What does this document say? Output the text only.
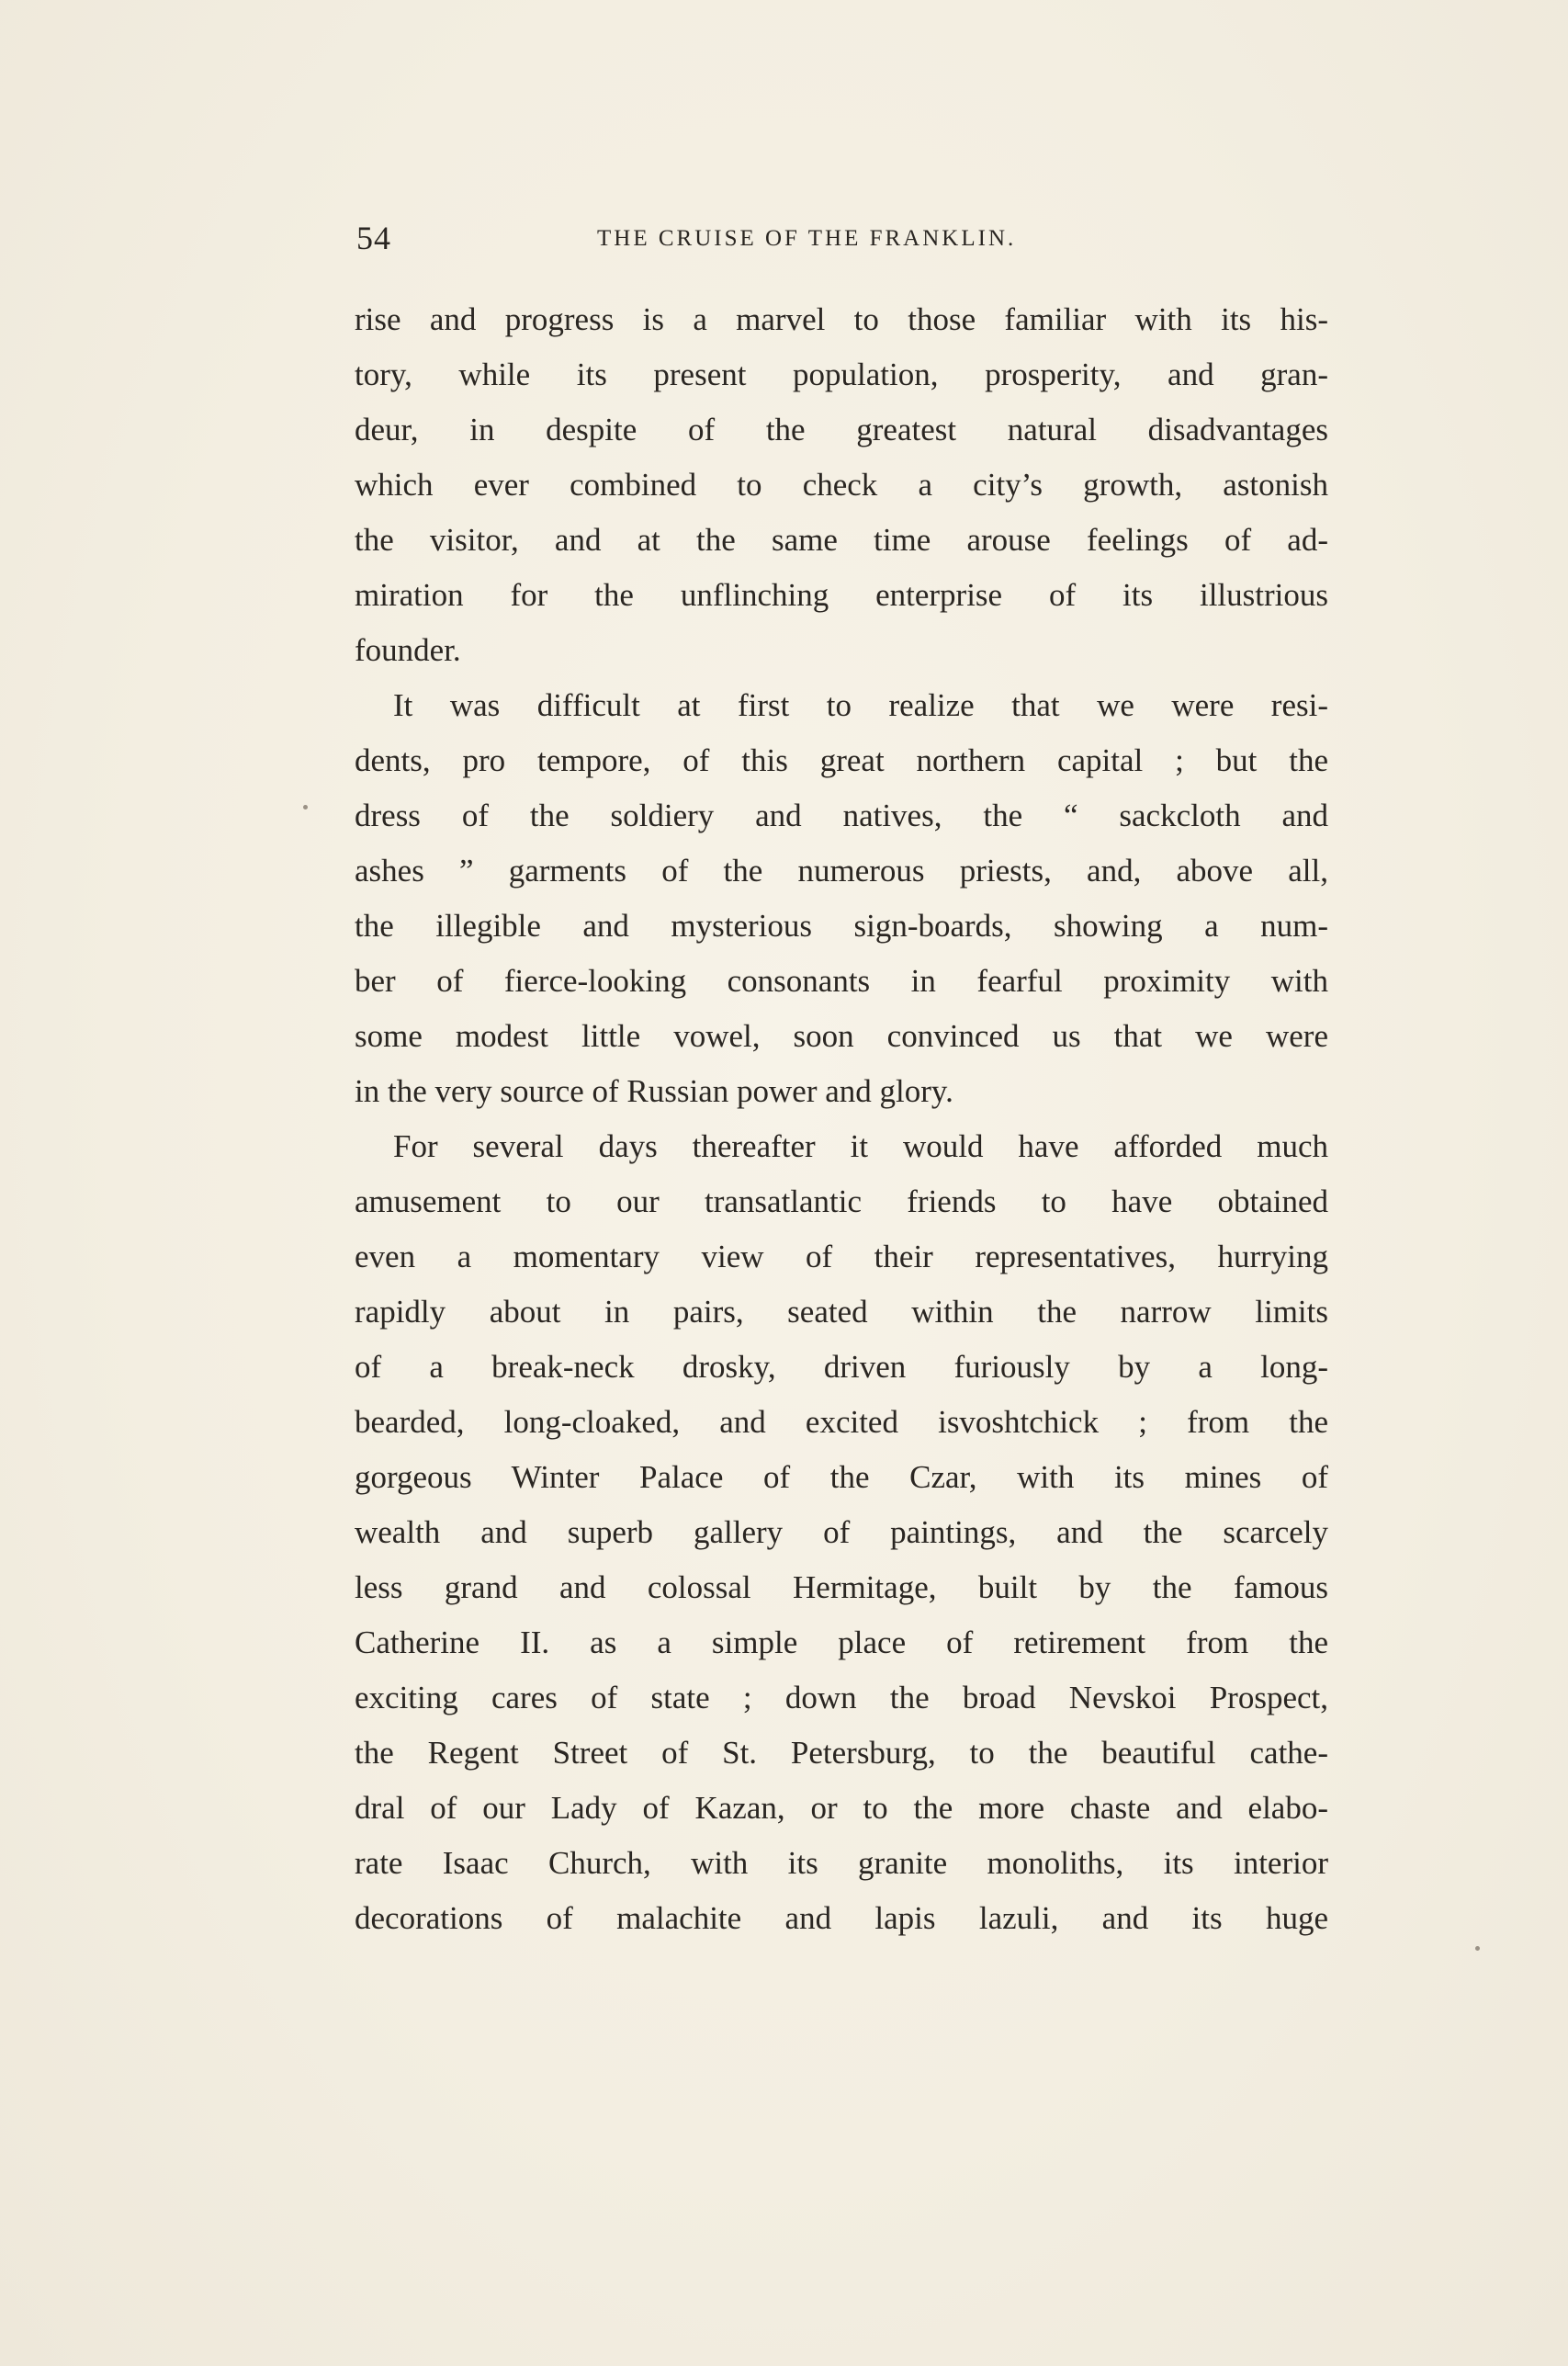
54	THE CRUISE OF THE FRANKLIN.
rise and progress is a marvel to those familiar with its his-
tory, while its present population, prosperity, and gran-
deur, in despite of the greatest natural disadvantages
which ever combined to check a city’s growth, astonish
the visitor, and at the same time arouse feelings of ad-
miration for the unflinching enterprise of its illustrious
founder.
It was difficult at first to realize that we were resi-
dents, pro tempore, of this great northern capital ; but the
dress of the soldiery and natives, the “ sackcloth and
ashes ” garments of the numerous priests, and, above all,
the illegible and mysterious sign-boards, showing a num-
ber of fierce-looking consonants in fearful proximity with
some modest little vowel, soon convinced us that we were
in the very source of Russian power and glory.
For several days thereafter it would have afforded much
amusement to our transatlantic friends to have obtained
even a momentary view of their representatives, hurrying
rapidly about in pairs, seated within the narrow limits
of a break-neck drosky, driven furiously by a long-
bearded, long-cloaked, and excited isvoshtchick ; from the
gorgeous Winter Palace of the Czar, with its mines of
wealth and superb gallery of paintings, and the scarcely
less grand and colossal Hermitage, built by the famous
Catherine II. as a simple place of retirement from the
exciting cares of state ; down the broad Nevskoi Prospect,
the Regent Street of St. Petersburg, to the beautiful cathe-
dral of our Lady of Kazan, or to the more chaste and elabo-
rate Isaac Church, with its granite monoliths, its interior
decorations of malachite and lapis lazuli, and its huge
